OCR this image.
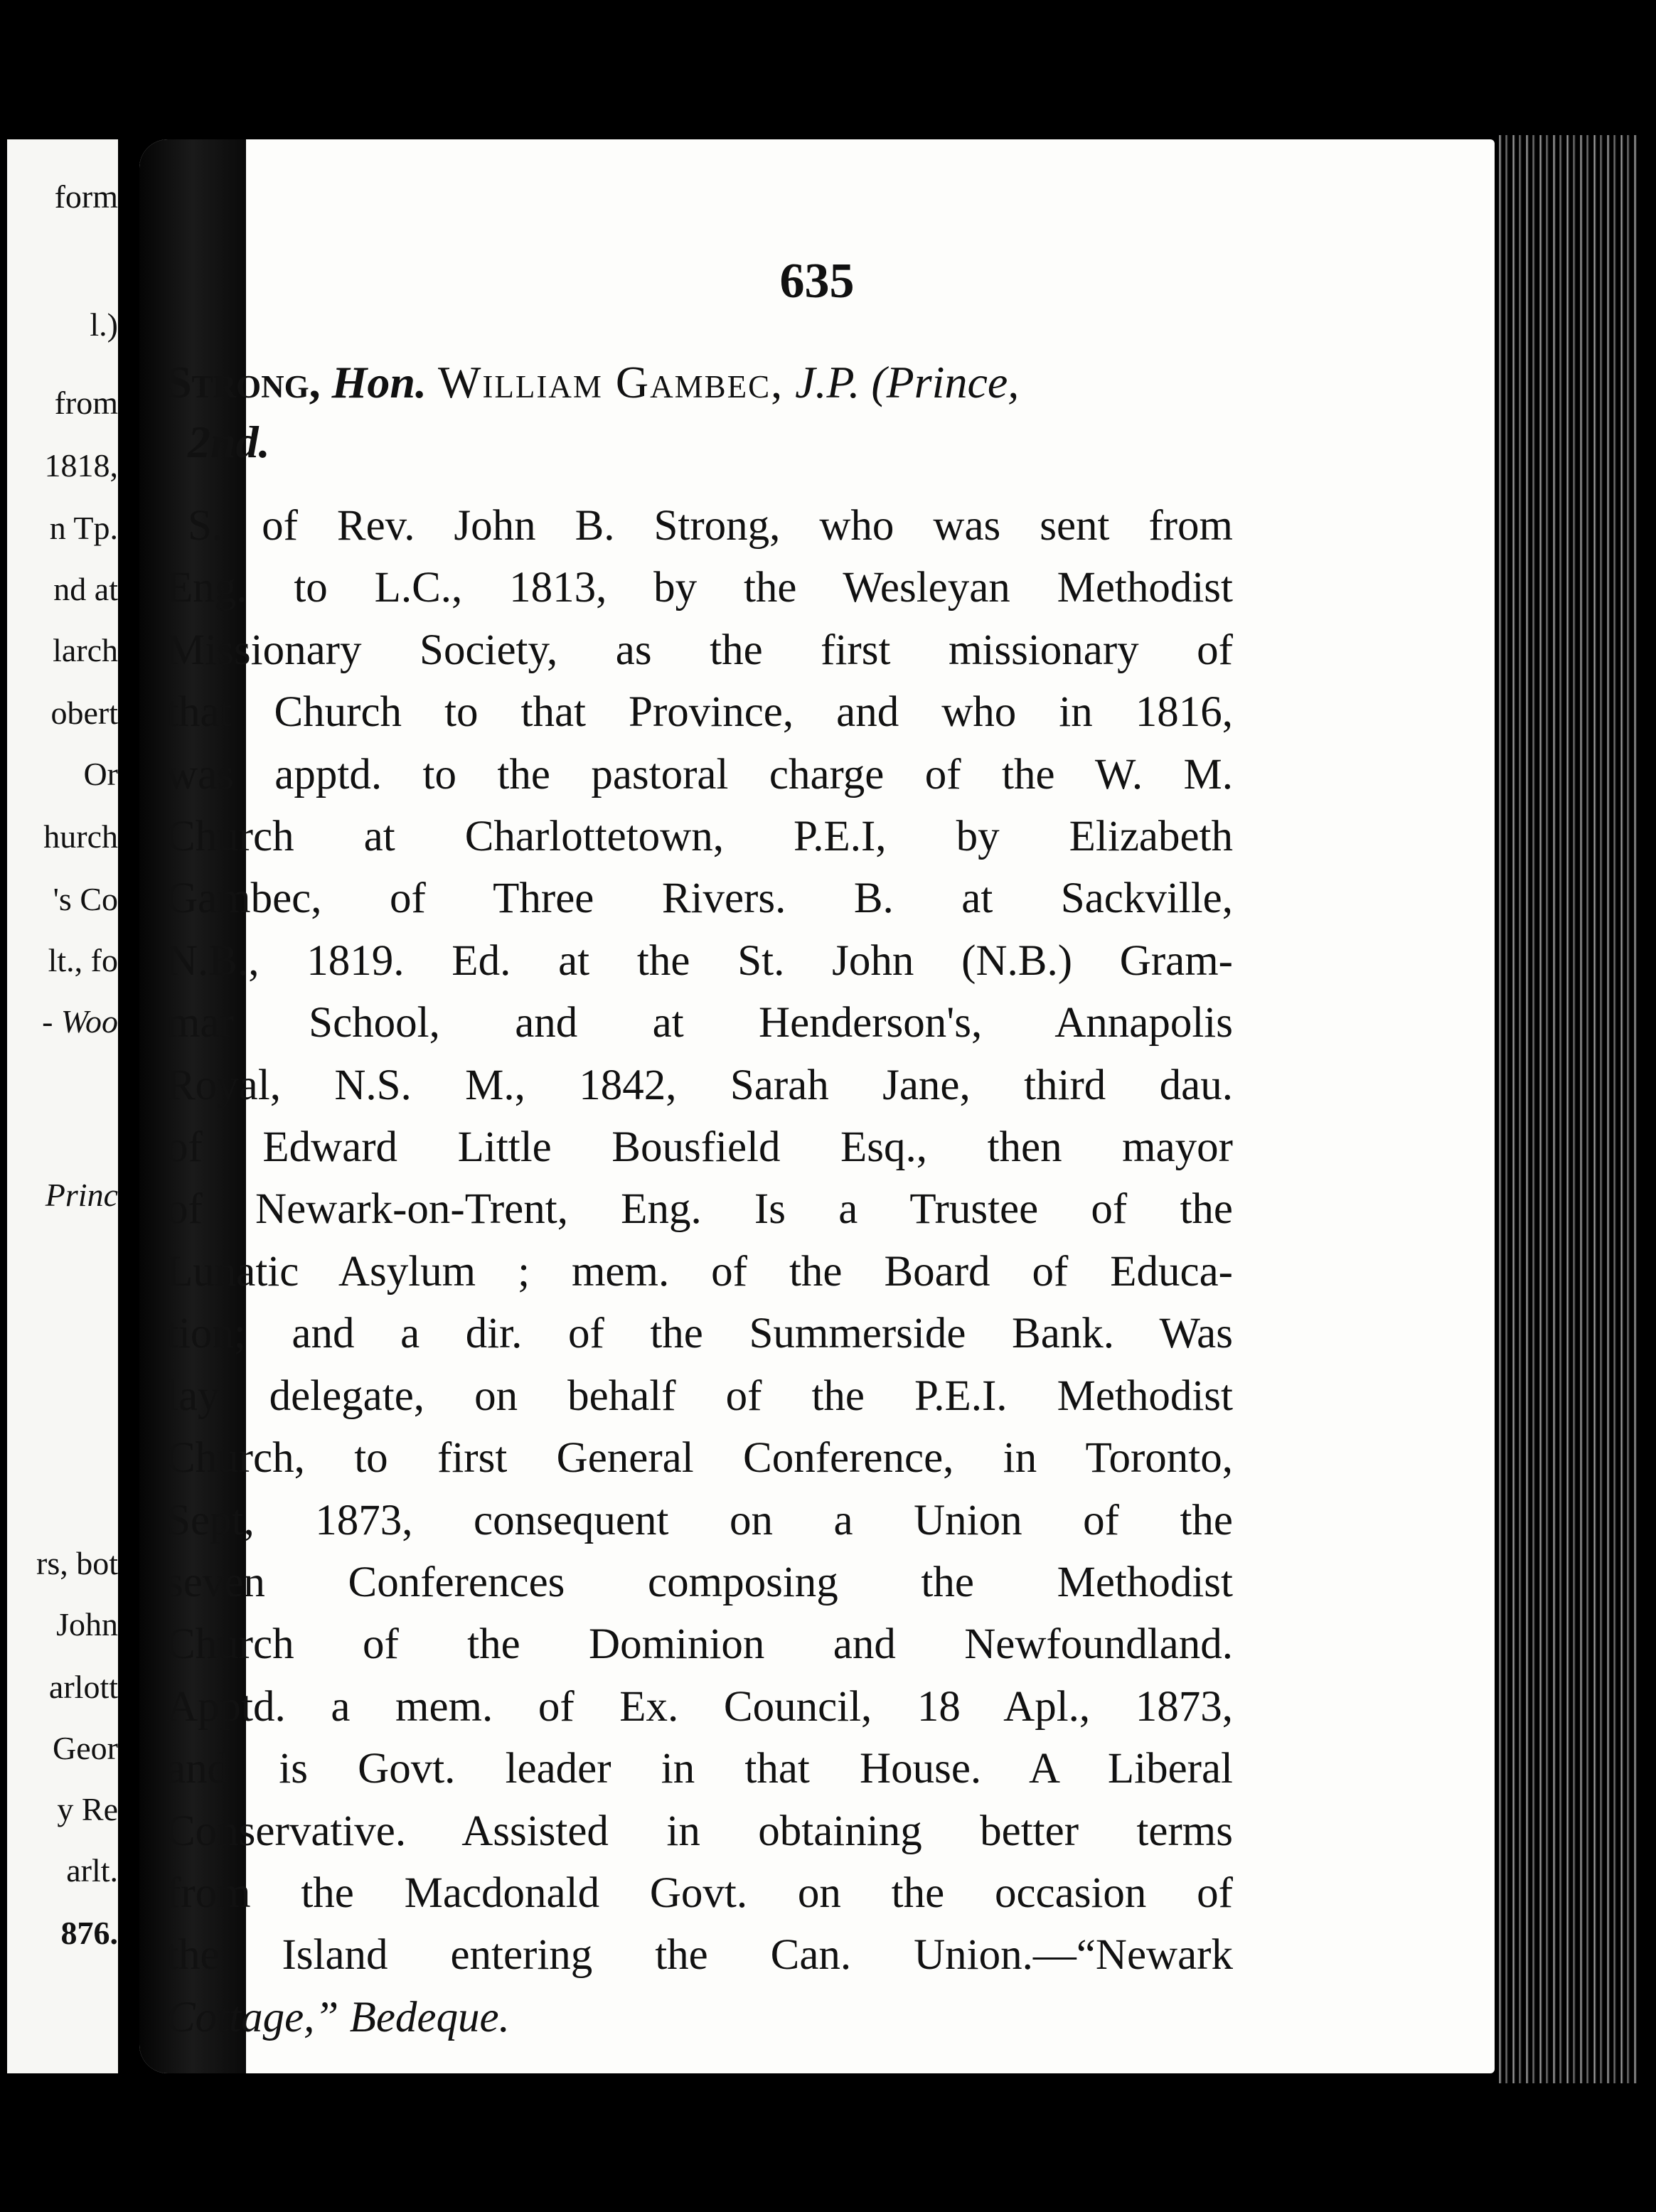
form
l.)
from
1818,
n Tp.
nd at
larch
obert
Or
hurch
's Co
lt., fo
- Woo
Princ
rs, bot
John
arlott
Geor
y Re
arlt.
876.
635
Strong, Hon. William Gambec, J.P. (Prince,
2nd.
S. of Rev. John B. Strong, who was sent from
Eng. to L.C., 1813, by the Wesleyan Methodist
Missionary Society, as the first missionary of
that Church to that Province, and who in 1816,
was apptd. to the pastoral charge of the W. M.
Church at Charlottetown, P.E.I, by Elizabeth
Gambec, of Three Rivers. B. at Sackville,
N.B., 1819. Ed. at the St. John (N.B.) Gram-
mar School, and at Henderson's, Annapolis
Royal, N.S. M., 1842, Sarah Jane, third dau.
of Edward Little Bousfield Esq., then mayor
of Newark-on-Trent, Eng. Is a Trustee of the
Lunatic Asylum ; mem. of the Board of Educa-
tion; and a dir. of the Summerside Bank. Was
lay delegate, on behalf of the P.E.I. Methodist
Church, to first General Conference, in Toronto,
Sept, 1873, consequent on a Union of the
seven Conferences composing the Methodist
Church of the Dominion and Newfoundland.
Apptd. a mem. of Ex. Council, 18 Apl., 1873,
and is Govt. leader in that House. A Liberal
Conservative. Assisted in obtaining better terms
from the Macdonald Govt. on the occasion of
the Island entering the Can. Union.—“Newark
Cottage,” Bedeque.
